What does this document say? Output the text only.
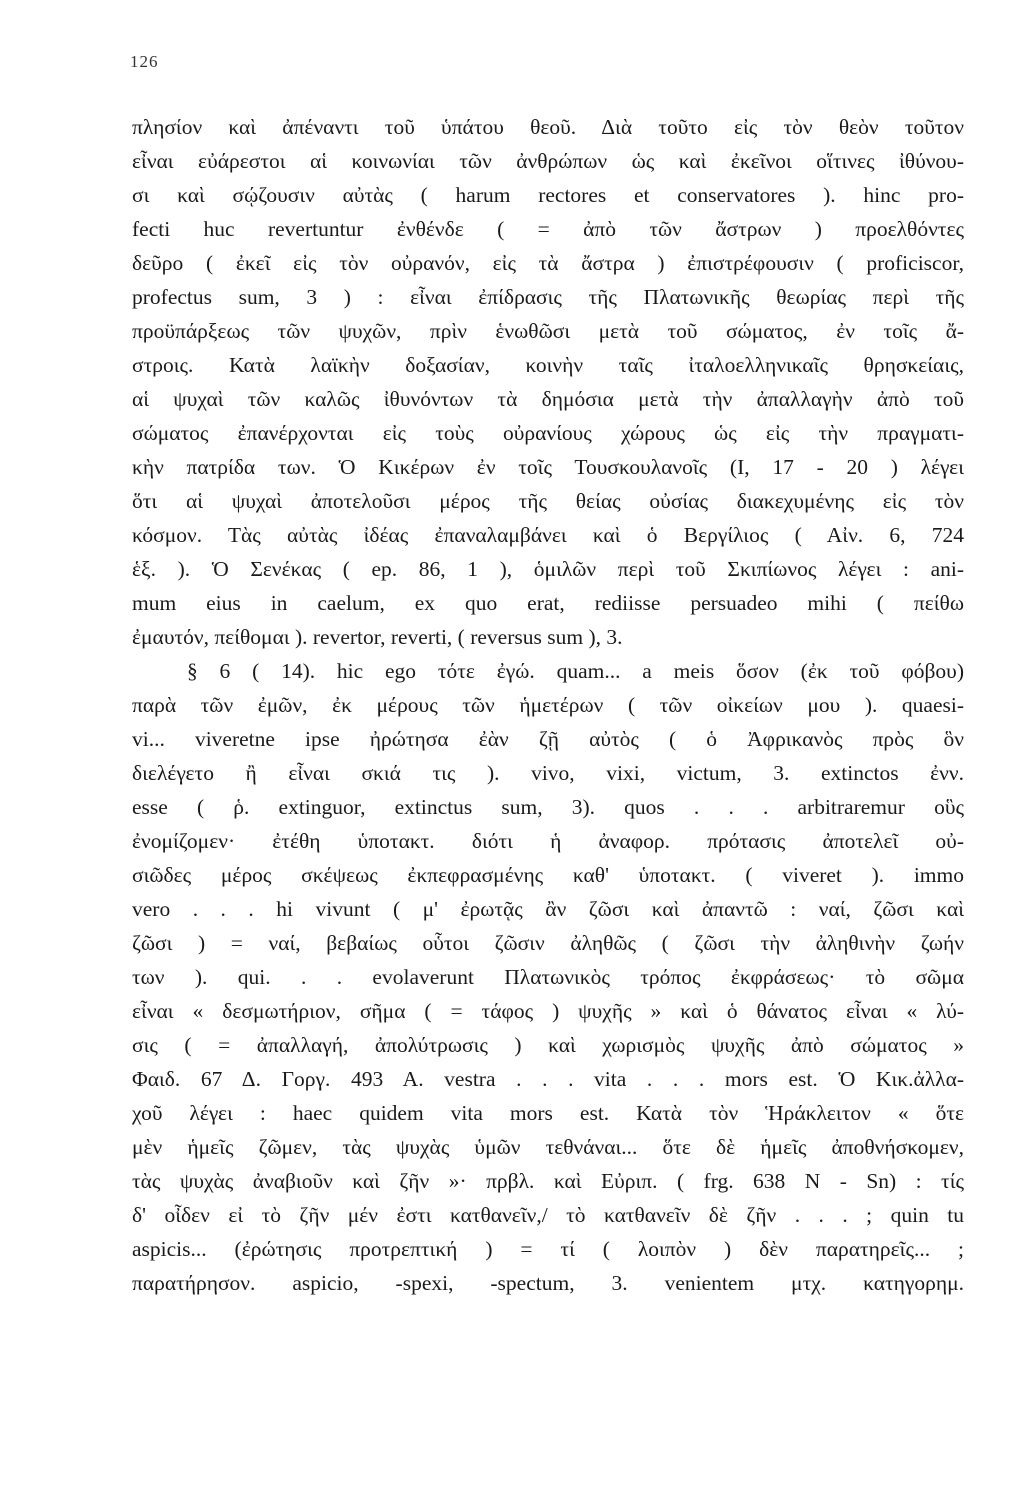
126
πλησίον καὶ ἀπέναντι τοῦ ὑπάτου θεοῦ. Διὰ τοῦτο εἰς τὸν θεὸν τοῦτον
εἶναι εὐάρεστοι αἱ κοινωνίαι τῶν ἀνθρώπων ὡς καὶ ἐκεῖνοι οἵτινες ἰθύνου-
σι καὶ σῴζουσιν αὐτὰς ( harum rectores et conservatores ). hinc pro-
fecti huc revertuntur ἐνθένδε ( = ἀπὸ τῶν ἄστρων ) προελθόντες
δεῦρο ( ἐκεῖ εἰς τὸν οὐρανόν, εἰς τὰ ἄστρα ) ἐπιστρέφουσιν ( proficiscor,
profectus sum, 3 ) : εἶναι ἐπίδρασις τῆς Πλατωνικῆς θεωρίας περὶ τῆς
προϋπάρξεως τῶν ψυχῶν, πρὶν ἑνωθῶσι μετὰ τοῦ σώματος, ἐν τοῖς ἄ-
στροις. Κατὰ λαϊκὴν δοξασίαν, κοινὴν ταῖς ἰταλοελληνικαῖς θρησκείαις,
αἱ ψυχαὶ τῶν καλῶς ἰθυνόντων τὰ δημόσια μετὰ τὴν ἀπαλλαγὴν ἀπὸ τοῦ
σώματος ἐπανέρχονται εἰς τοὺς οὐρανίους χώρους ὡς εἰς τὴν πραγματι-
κὴν πατρίδα των. Ὁ Κικέρων ἐν τοῖς Τουσκουλανοῖς (I, 17 - 20 ) λέγει
ὅτι αἱ ψυχαὶ ἀποτελοῦσι μέρος τῆς θείας οὐσίας διακεχυμένης εἰς τὸν
κόσμον. Τὰς αὐτὰς ἰδέας ἐπαναλαμβάνει καὶ ὁ Βεργίλιος ( Αἰν. 6, 724
ἑξ. ). Ὁ Σενέκας ( ep. 86, 1 ), ὁμιλῶν περὶ τοῦ Σκιπίωνος λέγει : ani-
mum eius in caelum, ex quo erat, rediisse persuadeo mihi ( πείθω
ἐμαυτόν, πείθομαι ). revertor, reverti, ( reversus sum ), 3.
§ 6 ( 14). hic ego τότε ἐγώ. quam... a meis ὅσον (ἐκ τοῦ φόβου)
παρὰ τῶν ἐμῶν, ἐκ μέρους τῶν ἡμετέρων ( τῶν οἰκείων μου ). quaesi-
vi... viveretne ipse ἠρώτησα ἐὰν ζῇ αὐτὸς ( ὁ Ἀφρικανὸς πρὸς ὃν
διελέγετο ἢ εἶναι σκιά τις ). vivo, vixi, victum, 3. extinctos ἐνν.
esse ( ῥ. extinguor, extinctus sum, 3). quos . . . arbitraremur οὓς
ἐνομίζομεν· ἐτέθη ὑποτακτ. διότι ἡ ἀναφορ. πρότασις ἀποτελεῖ οὐ-
σιῶδες μέρος σκέψεως ἐκπεφρασμένης καθ' ὑποτακτ. ( viveret ). immo
vero . . . hi vivunt ( μ' ἐρωτᾷς ἂν ζῶσι καὶ ἀπαντῶ : ναί, ζῶσι καὶ
ζῶσι ) = ναί, βεβαίως οὗτοι ζῶσιν ἀληθῶς ( ζῶσι τὴν ἀληθινὴν ζωήν
των ). qui. . . evolaverunt Πλατωνικὸς τρόπος ἐκφράσεως· τὸ σῶμα
εἶναι « δεσμωτήριον, σῆμα ( = τάφος ) ψυχῆς » καὶ ὁ θάνατος εἶναι « λύ-
σις ( = ἀπαλλαγή, ἀπολύτρωσις ) καὶ χωρισμὸς ψυχῆς ἀπὸ σώματος »
Φαιδ. 67 Δ. Γοργ. 493 Α. vestra . . . vita . . . mors est. Ὁ Κικ.ἀλλα-
χοῦ λέγει : haec quidem vita mors est. Κατὰ τὸν Ἡράκλειτον « ὅτε
μὲν ἡμεῖς ζῶμεν, τὰς ψυχὰς ὑμῶν τεθνάναι... ὅτε δὲ ἡμεῖς ἀποθνήσκομεν,
τὰς ψυχὰς ἀναβιοῦν καὶ ζῆν »· πρβλ. καὶ Εὐριπ. ( frg. 638 N - Sn) : τίς
δ' οἶδεν εἰ τὸ ζῆν μέν ἐστι κατθανεῖν,/ τὸ κατθανεῖν δὲ ζῆν . . . ; quin tu
aspicis... (ἐρώτησις προτρεπτική ) = τί ( λοιπὸν ) δὲν παρατηρεῖς... ;
παρατήρησον. aspicio, -spexi, -spectum, 3. venientem μτχ. κατηγορημ.
